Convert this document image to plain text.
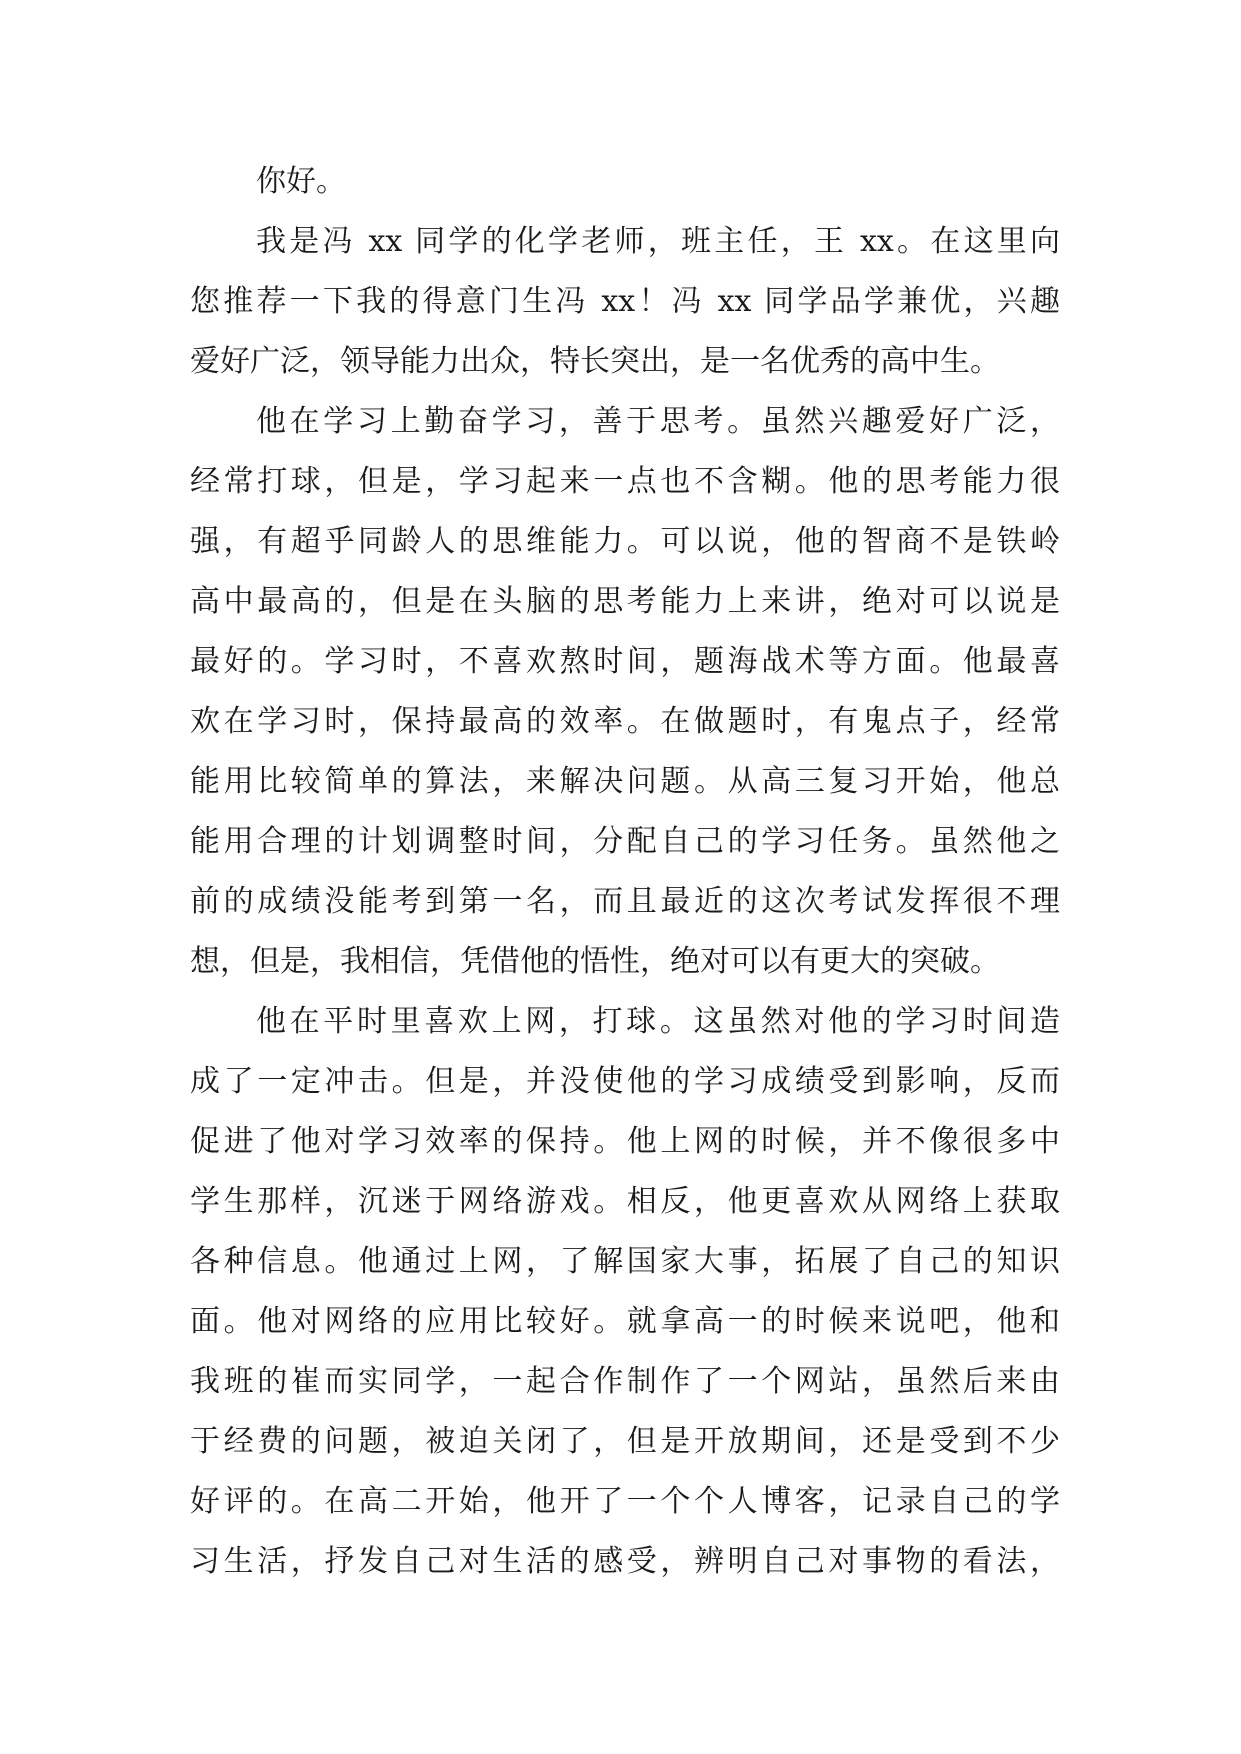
你好。
我是冯 xx 同学的化学老师，班主任，王 xx。在这里向
您推荐一下我的得意门生冯 xx！冯 xx 同学品学兼优，兴趣
爱好广泛，领导能力出众，特长突出，是一名优秀的高中生。
他在学习上勤奋学习，善于思考。虽然兴趣爱好广泛，
经常打球，但是，学习起来一点也不含糊。他的思考能力很
强，有超乎同龄人的思维能力。可以说，他的智商不是铁岭
高中最高的，但是在头脑的思考能力上来讲，绝对可以说是
最好的。学习时，不喜欢熬时间，题海战术等方面。他最喜
欢在学习时，保持最高的效率。在做题时，有鬼点子，经常
能用比较简单的算法，来解决问题。从高三复习开始，他总
能用合理的计划调整时间，分配自己的学习任务。虽然他之
前的成绩没能考到第一名，而且最近的这次考试发挥很不理
想，但是，我相信，凭借他的悟性，绝对可以有更大的突破。
他在平时里喜欢上网，打球。这虽然对他的学习时间造
成了一定冲击。但是，并没使他的学习成绩受到影响，反而
促进了他对学习效率的保持。他上网的时候，并不像很多中
学生那样，沉迷于网络游戏。相反，他更喜欢从网络上获取
各种信息。他通过上网，了解国家大事，拓展了自己的知识
面。他对网络的应用比较好。就拿高一的时候来说吧，他和
我班的崔而实同学，一起合作制作了一个网站，虽然后来由
于经费的问题，被迫关闭了，但是开放期间，还是受到不少
好评的。在高二开始，他开了一个个人博客，记录自己的学
习生活，抒发自己对生活的感受，辨明自己对事物的看法，
